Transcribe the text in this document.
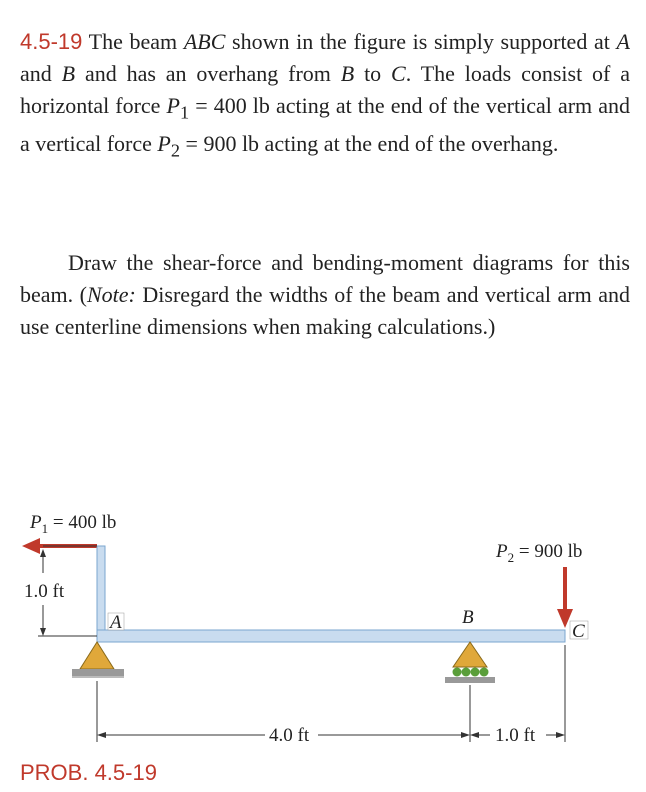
4.5-19 The beam ABC shown in the figure is simply supported at A and B and has an overhang from B to C. The loads consist of a horizontal force $P_1 = 400$ lb acting at the end of the vertical arm and a vertical force $P_2 = 900$ lb acting at the end of the overhang.

Draw the shear-force and bending-moment diagrams for this beam. (Note: Disregard the widths of the beam and vertical arm and use centerline dimensions when making calculations.)

$P_1 = 400$ lb
1.0 ft
A	B
$P_2 = 900$ lb
C
4.0 ft	1.0 ft
PROB. 4.5-19
